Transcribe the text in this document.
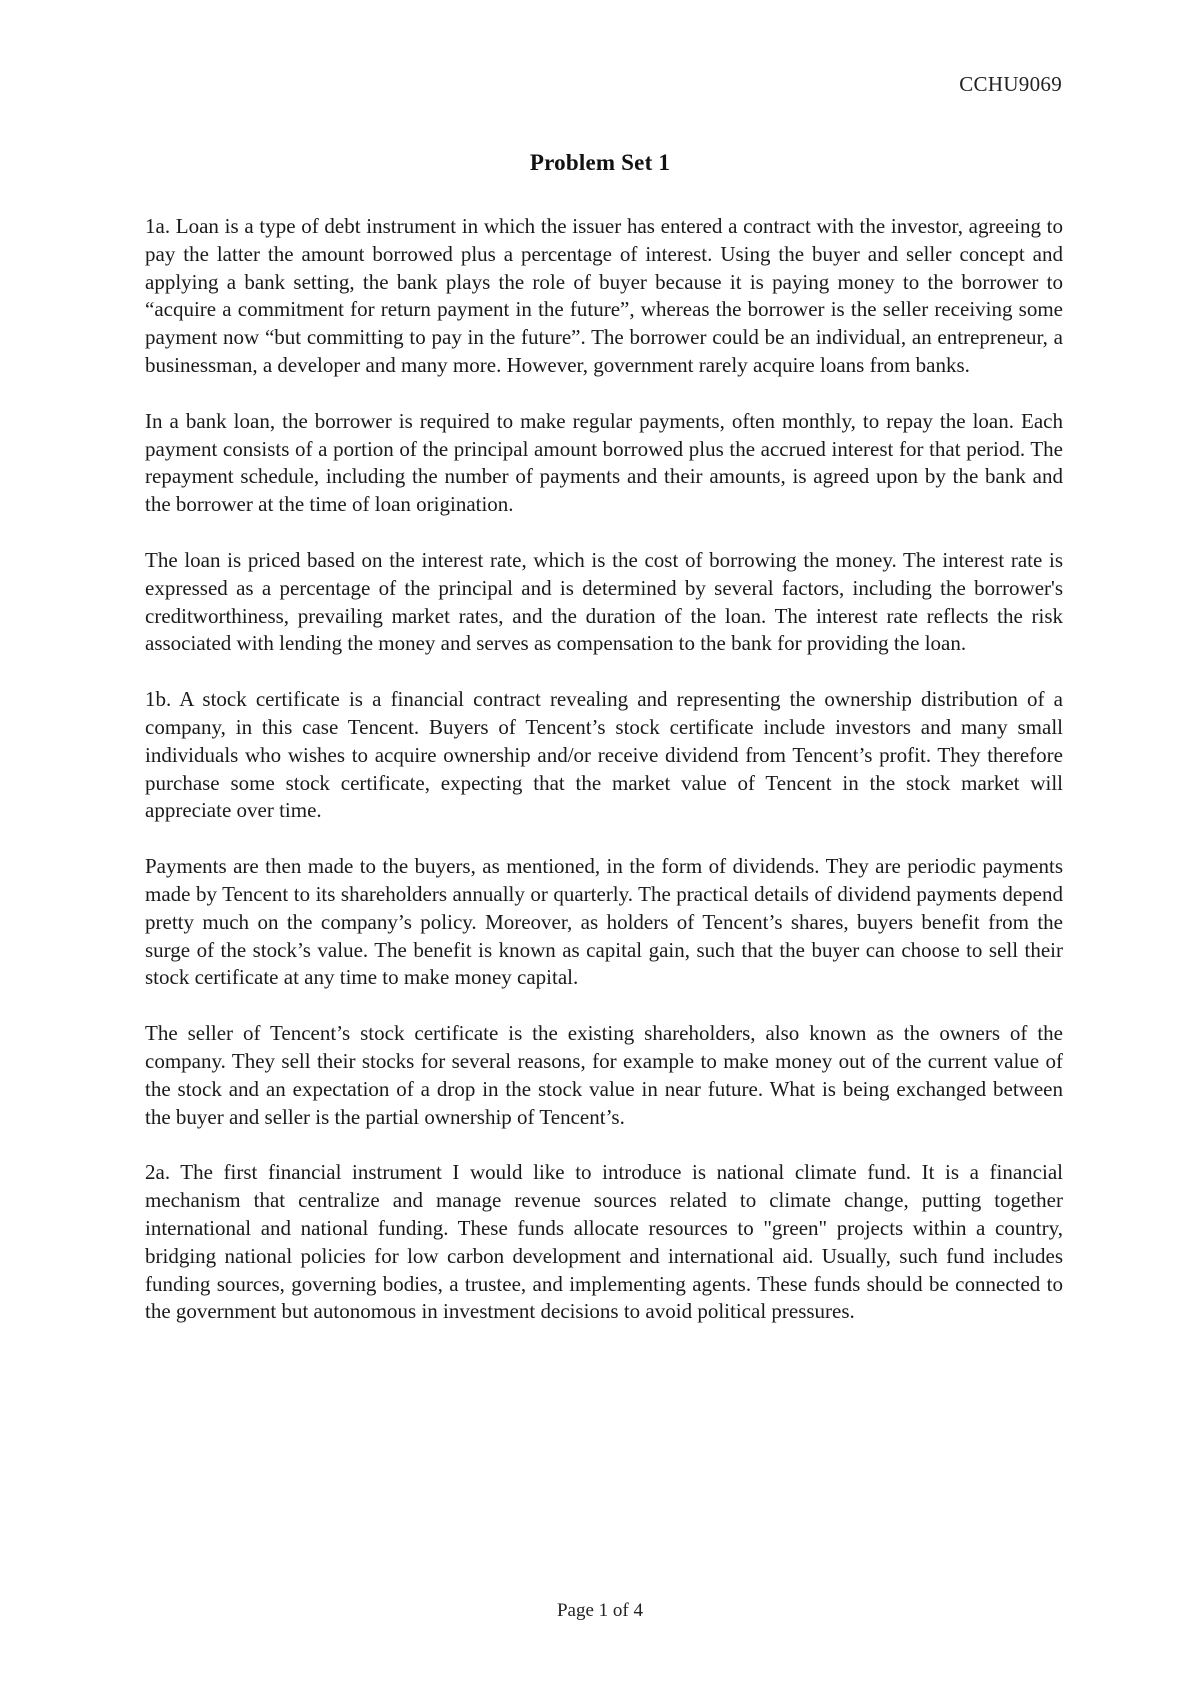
CCHU9069
Problem Set 1

1a. Loan is a type of debt instrument in which the issuer has entered a contract with the investor, agreeing to pay the latter the amount borrowed plus a percentage of interest. Using the buyer and seller concept and applying a bank setting, the bank plays the role of buyer because it is paying money to the borrower to “acquire a commitment for return payment in the future”, whereas the borrower is the seller receiving some payment now “but committing to pay in the future”. The borrower could be an individual, an entrepreneur, a businessman, a developer and many more. However, government rarely acquire loans from banks.

In a bank loan, the borrower is required to make regular payments, often monthly, to repay the loan. Each payment consists of a portion of the principal amount borrowed plus the accrued interest for that period. The repayment schedule, including the number of payments and their amounts, is agreed upon by the bank and the borrower at the time of loan origination.

The loan is priced based on the interest rate, which is the cost of borrowing the money. The interest rate is expressed as a percentage of the principal and is determined by several factors, including the borrower's creditworthiness, prevailing market rates, and the duration of the loan. The interest rate reflects the risk associated with lending the money and serves as compensation to the bank for providing the loan.

1b. A stock certificate is a financial contract revealing and representing the ownership distribution of a company, in this case Tencent. Buyers of Tencent’s stock certificate include investors and many small individuals who wishes to acquire ownership and/or receive dividend from Tencent’s profit. They therefore purchase some stock certificate, expecting that the market value of Tencent in the stock market will appreciate over time.

Payments are then made to the buyers, as mentioned, in the form of dividends. They are periodic payments made by Tencent to its shareholders annually or quarterly. The practical details of dividend payments depend pretty much on the company’s policy. Moreover, as holders of Tencent’s shares, buyers benefit from the surge of the stock’s value. The benefit is known as capital gain, such that the buyer can choose to sell their stock certificate at any time to make money capital.

The seller of Tencent’s stock certificate is the existing shareholders, also known as the owners of the company. They sell their stocks for several reasons, for example to make money out of the current value of the stock and an expectation of a drop in the stock value in near future. What is being exchanged between the buyer and seller is the partial ownership of Tencent’s.

2a. The first financial instrument I would like to introduce is national climate fund. It is a financial mechanism that centralize and manage revenue sources related to climate change, putting together international and national funding. These funds allocate resources to "green" projects within a country, bridging national policies for low carbon development and international aid. Usually, such fund includes funding sources, governing bodies, a trustee, and implementing agents. These funds should be connected to the government but autonomous in investment decisions to avoid political pressures.

Page 1 of 4
